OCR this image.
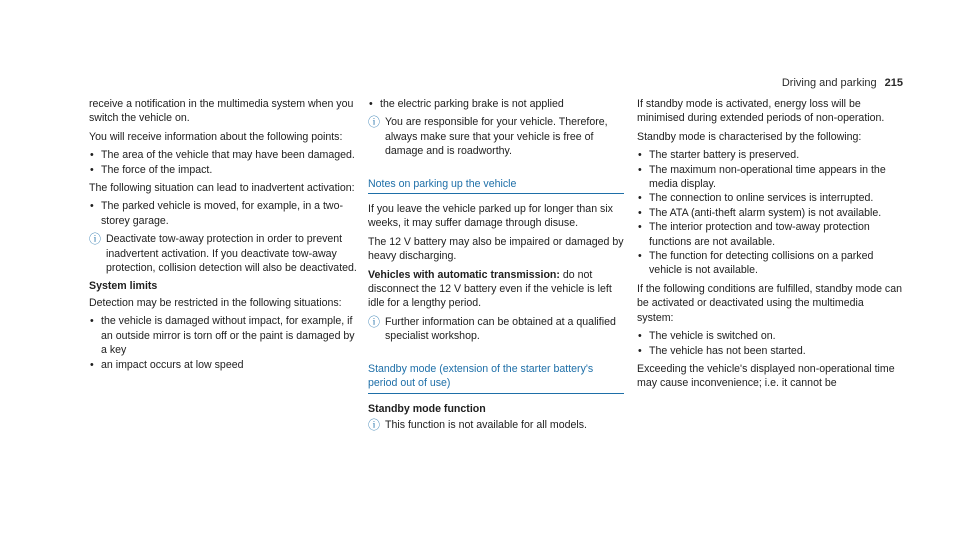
Driving and parking 215

receive a notification in the multimedia system when you switch the vehicle on.

You will receive information about the following points:

• The area of the vehicle that may have been damaged.
• The force of the impact.

The following situation can lead to inadvertent activation:

• The parked vehicle is moved, for example, in a two-storey garage.
ⓘ Deactivate tow-away protection in order to prevent inadvertent activation. If you deactivate tow-away protection, collision detection will also be deactivated.
System limits

Detection may be restricted in the following situations:

• the vehicle is damaged without impact, for example, if an outside mirror is torn off or the paint is damaged by a key
• an impact occurs at low speed
• the electric parking brake is not applied
ⓘ You are responsible for your vehicle. Therefore, always make sure that your vehicle is free of damage and is roadworthy.
Notes on parking up the vehicle

If you leave the vehicle parked up for longer than six weeks, it may suffer damage through disuse.

The 12 V battery may also be impaired or damaged by heavy discharging.

Vehicles with automatic transmission: do not disconnect the 12 V battery even if the vehicle is left idle for a lengthy period.

ⓘ Further information can be obtained at a qualified specialist workshop.
Standby mode (extension of the starter battery's period out of use)
Standby mode function
ⓘ This function is not available for all models.

If standby mode is activated, energy loss will be minimised during extended periods of non-operation.

Standby mode is characterised by the following:

• The starter battery is preserved.
• The maximum non-operational time appears in the media display.
• The connection to online services is interrupted.
• The ATA (anti-theft alarm system) is not available.
• The interior protection and tow-away protection functions are not available.
• The function for detecting collisions on a parked vehicle is not available.

If the following conditions are fulfilled, standby mode can be activated or deactivated using the multimedia system:

• The vehicle is switched on.
• The vehicle has not been started.

Exceeding the vehicle's displayed non-operational time may cause inconvenience; i.e. it cannot be
